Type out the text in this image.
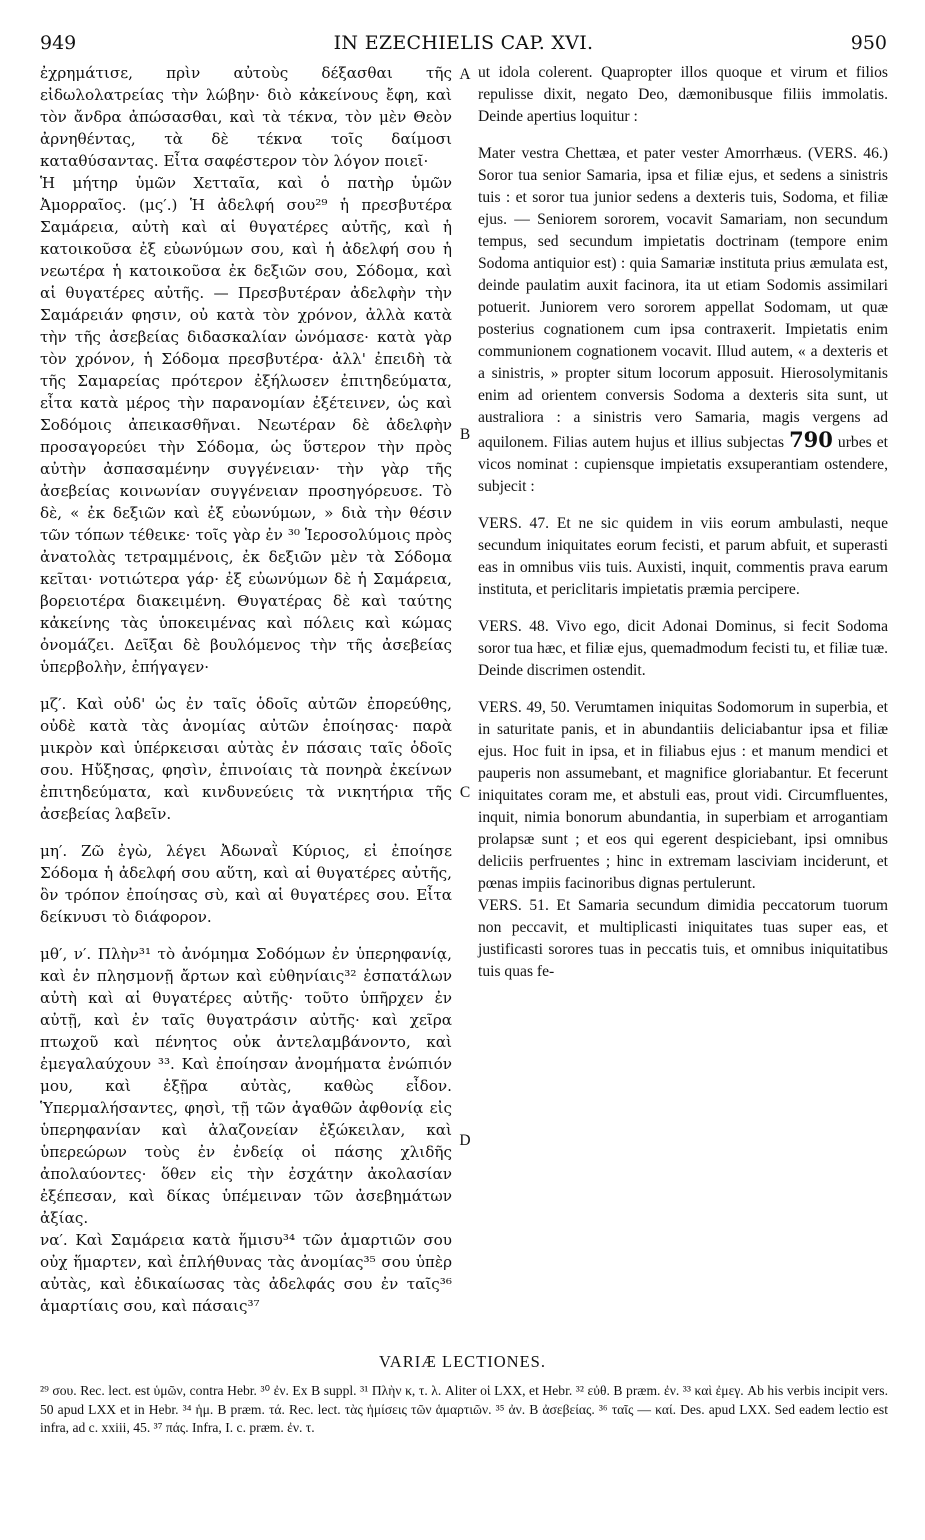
949	IN EZECHIELIS CAP. XVI.	950

ἐχρημάτισε, πρὶν αὐτοὺς δέξασθαι τῆς εἰδωλολατρείας τὴν λώβην· διὸ κἀκείνους ἔφη, καὶ τὸν ἄνδρα ἀπώσασθαι, καὶ τὰ τέκνα, τὸν μὲν Θεὸν ἀρνηθέντας, τὰ δὲ τέκνα τοῖς δαίμοσι καταθύσαντας. Εἶτα σαφέστερον τὸν λόγον ποιεῖ·

Ἡ μήτηρ ὑμῶν Χετταῖα, καὶ ὁ πατὴρ ὑμῶν Ἀμορραῖος. (μς′.) Ἡ ἀδελφή σου²⁹ ἡ πρεσβυτέρα Σαμάρεια, αὐτὴ καὶ αἱ θυγατέρες αὐτῆς, καὶ ἡ κατοικοῦσα ἐξ εὐωνύμων σου, καὶ ἡ ἀδελφή σου ἡ νεωτέρα ἡ κατοικοῦσα ἐκ δεξιῶν σου, Σόδομα, καὶ αἱ θυγατέρες αὐτῆς. — Πρεσβυτέραν ἀδελφὴν τὴν Σαμάρειάν φησιν, οὐ κατὰ τὸν χρόνον, ἀλλὰ κατὰ τὴν τῆς ἀσεβείας διδασκαλίαν ὠνόμασε· κατὰ γὰρ τὸν χρόνον, ἡ Σόδομα πρεσβυτέρα· ἀλλ' ἐπειδὴ τὰ τῆς Σαμαρείας πρότερον ἐξήλωσεν ἐπιτηδεύματα, εἶτα κατὰ μέρος τὴν παρανομίαν ἐξέτεινεν, ὡς καὶ Σοδόμοις ἀπεικασθῆναι. Νεωτέραν δὲ ἀδελφὴν προσαγορεύει τὴν Σόδομα, ὡς ὕστερον τὴν πρὸς αὐτὴν ἀσπασαμένην συγγένειαν· τὴν γὰρ τῆς ἀσεβείας κοινωνίαν συγγένειαν προσηγόρευσε. Τὸ δὲ, « ἐκ δεξιῶν καὶ ἐξ εὐωνύμων, » διὰ τὴν θέσιν τῶν τόπων τέθεικε· τοῖς γὰρ ἐν ³⁰ Ἱεροσολύμοις πρὸς ἀνατολὰς τετραμμένοις, ἐκ δεξιῶν μὲν τὰ Σόδομα κεῖται· νοτιώτερα γάρ· ἐξ εὐωνύμων δὲ ἡ Σαμάρεια, βορειοτέρα διακειμένη. Θυγατέρας δὲ καὶ ταύτης κἀκείνης τὰς ὑποκειμένας καὶ πόλεις καὶ κώμας ὀνομάζει. Δεῖξαι δὲ βουλόμενος τὴν τῆς ἀσεβείας ὑπερβολὴν, ἐπήγαγεν·

μζ′. Καὶ οὐδ' ὡς ἐν ταῖς ὁδοῖς αὐτῶν ἐπορεύθης, οὐδὲ κατὰ τὰς ἀνομίας αὐτῶν ἐποίησας· παρὰ μικρὸν καὶ ὑπέρκεισαι αὐτὰς ἐν πάσαις ταῖς ὁδοῖς σου. Ηὔξησας, φησὶν, ἐπινοίαις τὰ πονηρὰ ἐκείνων ἐπιτηδεύματα, καὶ κινδυνεύεις τὰ νικητήρια τῆς ἀσεβείας λαβεῖν.

μη′. Ζῶ ἐγὼ, λέγει Ἀδωναῒ Κύριος, εἰ ἐποίησε Σόδομα ἡ ἀδελφή σου αὕτη, καὶ αἱ θυγατέρες αὐτῆς, ὃν τρόπον ἐποίησας σὺ, καὶ αἱ θυγατέρες σου. Εἶτα δείκνυσι τὸ διάφορον.

μθ′, ν′. Πλὴν³¹ τὸ ἀνόμημα Σοδόμων ἐν ὑπερηφανίᾳ, καὶ ἐν πλησμονῇ ἄρτων καὶ εὐθηνίαις³² ἐσπατάλων αὐτὴ καὶ αἱ θυγατέρες αὐτῆς· τοῦτο ὑπῆρχεν ἐν αὐτῇ, καὶ ἐν ταῖς θυγατράσιν αὐτῆς· καὶ χεῖρα πτωχοῦ καὶ πένητος οὐκ ἀντελαμβάνοντο, καὶ ἐμεγαλαύχουν ³³. Καὶ ἐποίησαν ἀνομήματα ἐνώπιόν μου, καὶ ἐξῇρα αὐτὰς, καθὼς εἶδον. Ὑπερμαλήσαντες, φησὶ, τῇ τῶν ἀγαθῶν ἀφθονίᾳ εἰς ὑπερηφανίαν καὶ ἀλαζονείαν ἐξώκειλαν, καὶ ὑπερεώρων τοὺς ἐν ἐνδείᾳ οἱ πάσης χλιδῆς ἀπολαύοντες· ὅθεν εἰς τὴν ἐσχάτην ἀκολασίαν ἐξέπεσαν, καὶ δίκας ὑπέμειναν τῶν ἀσεβημάτων ἀξίας.

να′. Καὶ Σαμάρεια κατὰ ἥμισυ³⁴ τῶν ἁμαρτιῶν σου οὐχ ἥμαρτεν, καὶ ἐπλήθυνας τὰς ἀνομίας³⁵ σου ὑπὲρ αὐτὰς, καὶ ἐδικαίωσας τὰς ἀδελφάς σου ἐν ταῖς³⁶ ἁμαρτίαις σου, καὶ πάσαις³⁷

A
B
C
D

ut idola colerent. Quapropter illos quoque et virum et filios repulisse dixit, negato Deo, dæmonibusque filiis immolatis. Deinde apertius loquitur :

Mater vestra Chettæa, et pater vester Amorrhæus. (VERS. 46.) Soror tua senior Samaria, ipsa et filiæ ejus, et sedens a sinistris tuis : et soror tua junior sedens a dexteris tuis, Sodoma, et filiæ ejus. — Seniorem sororem, vocavit Samariam, non secundum tempus, sed secundum impietatis doctrinam (tempore enim Sodoma antiquior est) : quia Samariæ instituta prius æmulata est, deinde paulatim auxit facinora, ita ut etiam Sodomis assimilari potuerit. Juniorem vero sororem appellat Sodomam, ut quæ posterius cognationem cum ipsa contraxerit. Impietatis enim communionem cognationem vocavit. Illud autem, « a dexteris et a sinistris, » propter situm locorum apposuit. Hierosolymitanis enim ad orientem conversis Sodoma a dexteris sita sunt, ut australiora : a sinistris vero Samaria, magis vergens ad aquilonem. Filias autem hujus et illius subjectas 790 urbes et vicos nominat : cupiensque impietatis exsuperantiam ostendere, subjecit :

VERS. 47. Et ne sic quidem in viis eorum ambulasti, neque secundum iniquitates eorum fecisti, et parum abfuit, et superasti eas in omnibus viis tuis. Auxisti, inquit, commentis prava earum instituta, et periclitaris impietatis præmia percipere.

VERS. 48. Vivo ego, dicit Adonai Dominus, si fecit Sodoma soror tua hæc, et filiæ ejus, quemadmodum fecisti tu, et filiæ tuæ. Deinde discrimen ostendit.

VERS. 49, 50. Verumtamen iniquitas Sodomorum in superbia, et in saturitate panis, et in abundantiis deliciabantur ipsa et filiæ ejus. Hoc fuit in ipsa, et in filiabus ejus : et manum mendici et pauperis non assumebant, et magnifice gloriabantur. Et fecerunt iniquitates coram me, et abstuli eas, prout vidi. Circumfluentes, inquit, nimia bonorum abundantia, in superbiam et arrogantiam prolapsæ sunt ; et eos qui egerent despiciebant, ipsi omnibus deliciis perfruentes ; hinc in extremam lasciviam inciderunt, et pœnas impiis facinoribus dignas pertulerunt.

VERS. 51. Et Samaria secundum dimidia peccatorum tuorum non peccavit, et multiplicasti iniquitates tuas super eas, et justificasti sorores tuas in peccatis tuis, et omnibus iniquitatibus tuis quas fe-

VARIÆ LECTIONES.

²⁹ σου. Rec. lect. est ὑμῶν, contra Hebr. ³⁰ ἐν. Ex B suppl. ³¹ Πλὴν κ, τ. λ. Aliter οἱ LXX, et Hebr. ³² εὐθ. B præm. ἐν. ³³ καὶ ἐμεγ. Ab his verbis incipit vers. 50 apud LXX et in Hebr. ³⁴ ἡμ. B præm. τά. Rec. lect. τὰς ἡμίσεις τῶν ἁμαρτιῶν. ³⁵ ἀν. B ἀσεβείας. ³⁶ ταῖς — καί. Des. apud LXX. Sed eadem lectio est infra, ad c. xxiii, 45. ³⁷ πάς. Infra, I. c. præm. ἐν. τ.
